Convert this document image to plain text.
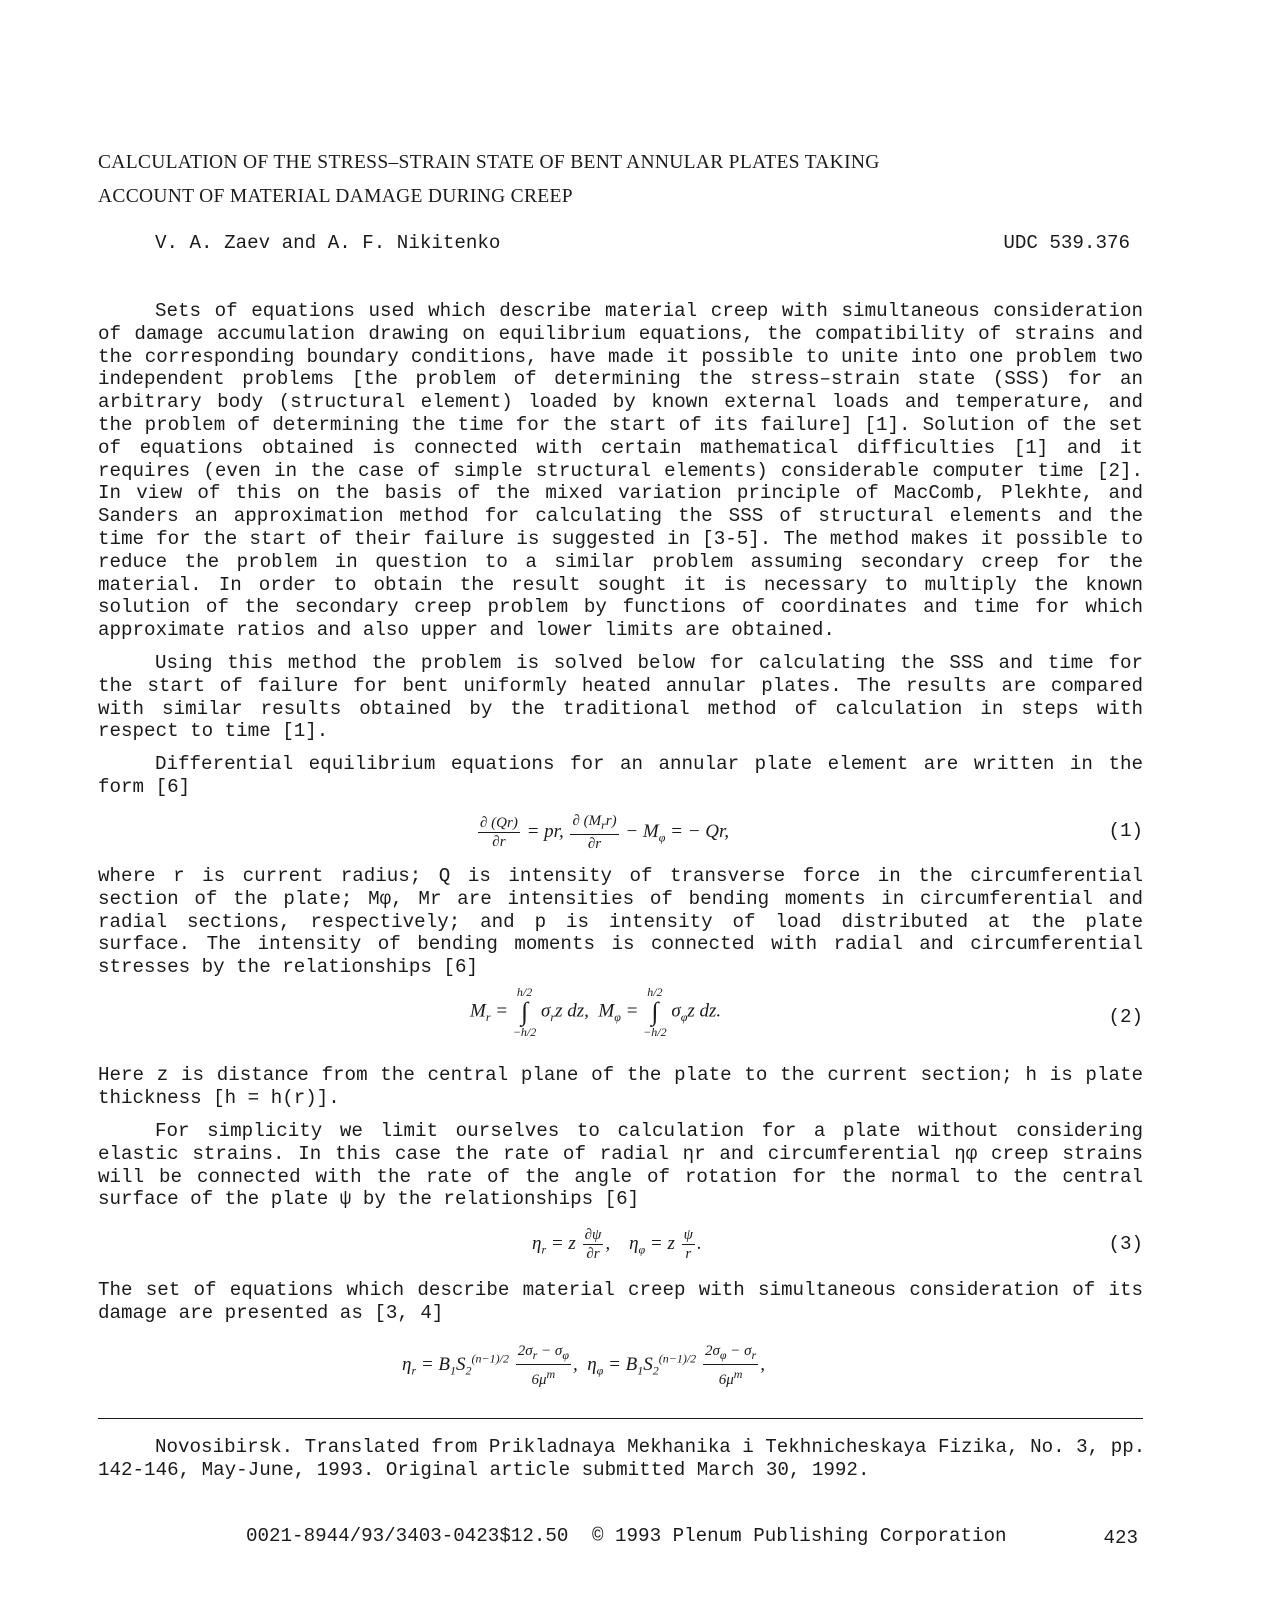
CALCULATION OF THE STRESS–STRAIN STATE OF BENT ANNULAR PLATES TAKING
ACCOUNT OF MATERIAL DAMAGE DURING CREEP
V. A. Zaev and A. F. Nikitenko	UDC 539.376

Sets of equations used which describe material creep with simultaneous consideration of damage accumulation drawing on equilibrium equations, the compatibility of strains and the corresponding boundary conditions, have made it possible to unite into one problem two independent problems [the problem of determining the stress–strain state (SSS) for an arbitrary body (structural element) loaded by known external loads and temperature, and the problem of determining the time for the start of its failure] [1]. Solution of the set of equations obtained is connected with certain mathematical difficulties [1] and it requires (even in the case of simple structural elements) considerable computer time [2]. In view of this on the basis of the mixed variation principle of MacComb, Plekhte, and Sanders an approximation method for calculating the SSS of structural elements and the time for the start of their failure is suggested in [3-5]. The method makes it possible to reduce the problem in question to a similar problem assuming secondary creep for the material. In order to obtain the result sought it is necessary to multiply the known solution of the secondary creep problem by functions of coordinates and time for which approximate ratios and also upper and lower limits are obtained.

Using this method the problem is solved below for calculating the SSS and time for the start of failure for bent uniformly heated annular plates. The results are compared with similar results obtained by the traditional method of calculation in steps with respect to time [1].

Differential equilibrium equations for an annular plate element are written in the form [6]

$\frac{\partial (Qr)}{\partial r}$ = pr, $\frac{\partial (M_rr)}{\partial r} - M_\varphi$ = − Qr,	(1)

where r is current radius; Q is intensity of transverse force in the circumferential section of the plate; Mφ, Mr are intensities of bending moments in circumferential and radial sections, respectively; and p is intensity of load distributed at the plate surface. The intensity of bending moments is connected with radial and circumferential stresses by the relationships [6]

$M_r$ =
h/2
∫
−h/2
$\sigma_rz$ dz,  $M_\varphi$ =
h/2
∫
−h/2
$\sigma_\varphi z$ dz.	(2)

Here z is distance from the central plane of the plate to the current section; h is plate thickness [h = h(r)].

For simplicity we limit ourselves to calculation for a plate without considering elastic strains. In this case the rate of radial ηr and circumferential ηφ creep strains will be connected with the rate of the angle of rotation for the normal to the central surface of the plate ψ by the relationships [6]

$\eta_r = z \frac{\partial\psi}{\partial r}$ ,    $\eta_\varphi = z \frac{\psi}{r}$ .	(3)

The set of equations which describe material creep with simultaneous consideration of its damage are presented as [3, 4]

$\eta_r = B_1S_2^{(n-1)/2} \frac{2\sigma_r - \sigma_\varphi}{6\mu^m}$ ,  $\eta_\varphi = B_1S_2^{(n-1)/2} \frac{2\sigma_\varphi - \sigma_r}{6\mu^m}$ ,
Novosibirsk. Translated from Prikladnaya Mekhanika i Tekhnicheskaya Fizika, No. 3, pp.
142-146, May-June, 1993. Original article submitted March 30, 1992.
0021-8944/93/3403-0423$12.50 © 1993 Plenum Publishing Corporation	423
